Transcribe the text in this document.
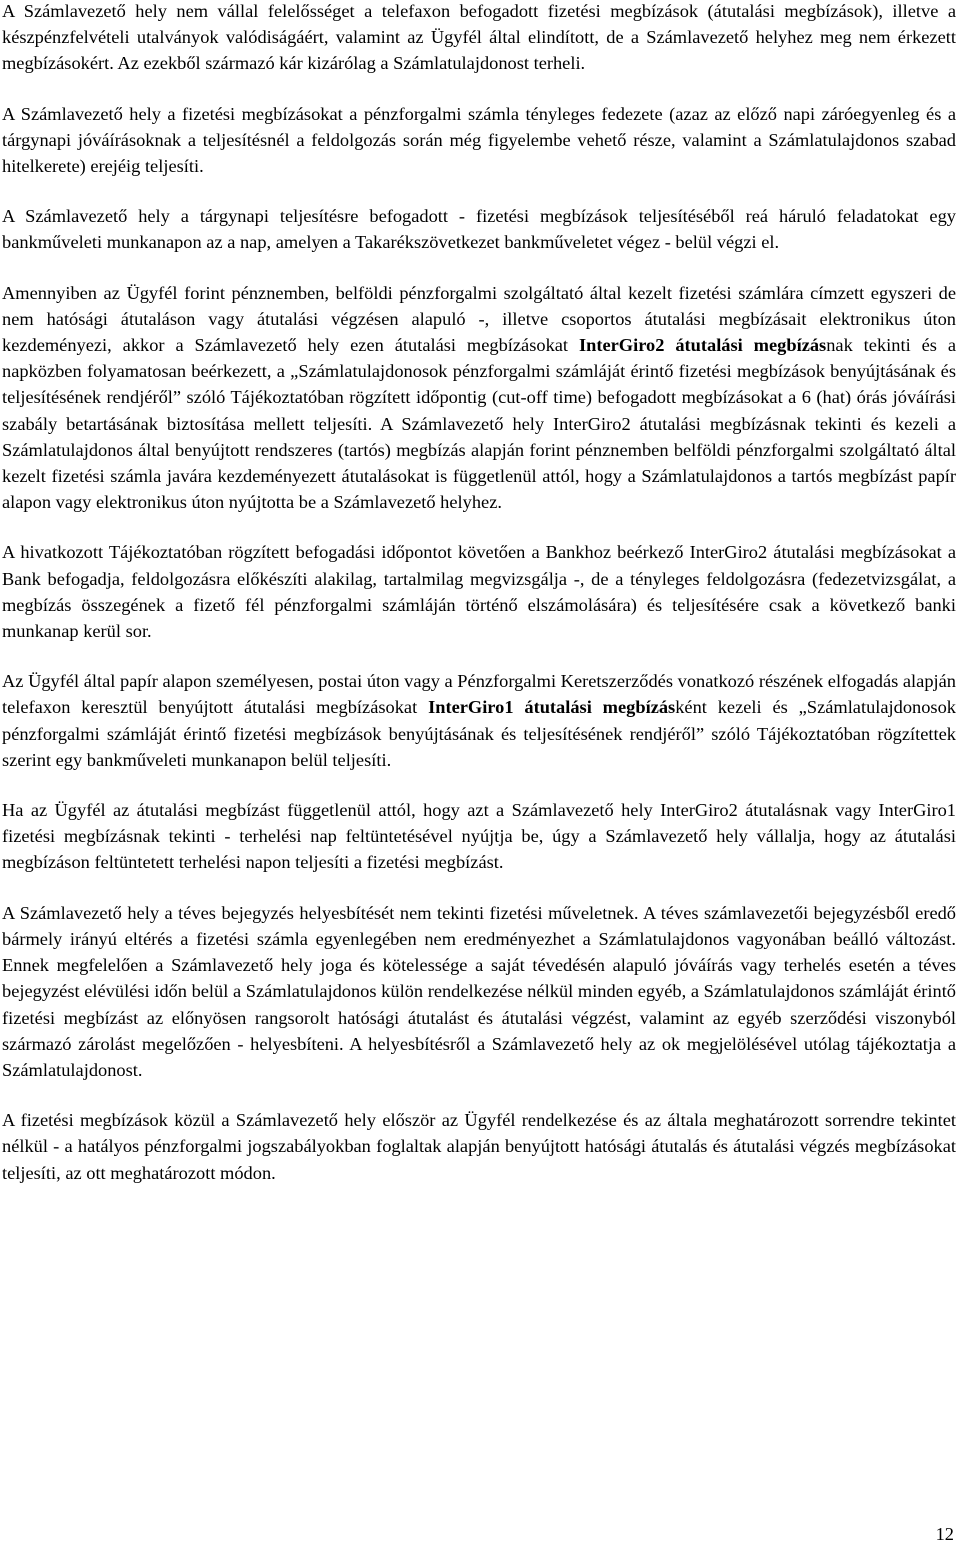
A Számlavezető hely nem vállal felelősséget a telefaxon befogadott fizetési megbízások (átutalási megbízások), illetve a készpénzfelvételi utalványok valódiságáért, valamint az Ügyfél által elindított, de a Számlavezető helyhez meg nem érkezett megbízásokért. Az ezekből származó kár kizárólag a Számlatulajdonost terheli.

A Számlavezető hely a fizetési megbízásokat a pénzforgalmi számla tényleges fedezete (azaz az előző napi záróegyenleg és a tárgynapi jóváírásoknak a teljesítésnél a feldolgozás során még figyelembe vehető része, valamint a Számlatulajdonos szabad hitelkerete) erejéig teljesíti.

A Számlavezető hely a tárgynapi teljesítésre befogadott - fizetési megbízások teljesítéséből reá háruló feladatokat egy bankműveleti munkanapon az a nap, amelyen a Takarékszövetkezet bankműveletet végez - belül végzi el.

Amennyiben az Ügyfél forint pénznemben, belföldi pénzforgalmi szolgáltató által kezelt fizetési számlára címzett egyszeri de nem hatósági átutaláson vagy átutalási végzésen alapuló -, illetve csoportos átutalási megbízásait elektronikus úton kezdeményezi, akkor a Számlavezető hely ezen átutalási megbízásokat InterGiro2 átutalási megbízásnak tekinti és a napközben folyamatosan beérkezett, a „Számlatulajdonosok pénzforgalmi számláját érintő fizetési megbízások benyújtásának és teljesítésének rendjéről” szóló Tájékoztatóban rögzített időpontig (cut-off time) befogadott megbízásokat a 6 (hat) órás jóváírási szabály betartásának biztosítása mellett teljesíti. A Számlavezető hely InterGiro2 átutalási megbízásnak tekinti és kezeli a Számlatulajdonos által benyújtott rendszeres (tartós) megbízás alapján forint pénznemben belföldi pénzforgalmi szolgáltató által kezelt fizetési számla javára kezdeményezett átutalásokat is függetlenül attól, hogy a Számlatulajdonos a tartós megbízást papír alapon vagy elektronikus úton nyújtotta be a Számlavezető helyhez.

A hivatkozott Tájékoztatóban rögzített befogadási időpontot követően a Bankhoz beérkező InterGiro2 átutalási megbízásokat a Bank befogadja, feldolgozásra előkészíti alakilag, tartalmilag megvizsgálja -, de a tényleges feldolgozásra (fedezetvizsgálat, a megbízás összegének a fizető fél pénzforgalmi számláján történő elszámolására) és teljesítésére csak a következő banki munkanap kerül sor.

Az Ügyfél által papír alapon személyesen, postai úton vagy a Pénzforgalmi Keretszerződés vonatkozó részének elfogadás alapján telefaxon keresztül benyújtott átutalási megbízásokat InterGiro1 átutalási megbízásként kezeli és „Számlatulajdonosok pénzforgalmi számláját érintő fizetési megbízások benyújtásának és teljesítésének rendjéről” szóló Tájékoztatóban rögzítettek szerint egy bankműveleti munkanapon belül teljesíti.

Ha az Ügyfél az átutalási megbízást függetlenül attól, hogy azt a Számlavezető hely InterGiro2 átutalásnak vagy InterGiro1 fizetési megbízásnak tekinti - terhelési nap feltüntetésével nyújtja be, úgy a Számlavezető hely vállalja, hogy az átutalási megbízáson feltüntetett terhelési napon teljesíti a fizetési megbízást.

A Számlavezető hely a téves bejegyzés helyesbítését nem tekinti fizetési műveletnek. A téves számlavezetői bejegyzésből eredő bármely irányú eltérés a fizetési számla egyenlegében nem eredményezhet a Számlatulajdonos vagyonában beálló változást. Ennek megfelelően a Számlavezető hely joga és kötelessége a saját tévedésén alapuló jóváírás vagy terhelés esetén a téves bejegyzést elévülési időn belül a Számlatulajdonos külön rendelkezése nélkül minden egyéb, a Számlatulajdonos számláját érintő fizetési megbízást az előnyösen rangsorolt hatósági átutalást és átutalási végzést, valamint az egyéb szerződési viszonyból származó zárolást megelőzően - helyesbíteni. A helyesbítésről a Számlavezető hely az ok megjelölésével utólag tájékoztatja a Számlatulajdonost.

A fizetési megbízások közül a Számlavezető hely először az Ügyfél rendelkezése és az általa meghatározott sorrendre tekintet nélkül - a hatályos pénzforgalmi jogszabályokban foglaltak alapján benyújtott hatósági átutalás és átutalási végzés megbízásokat teljesíti, az ott meghatározott módon.

12
